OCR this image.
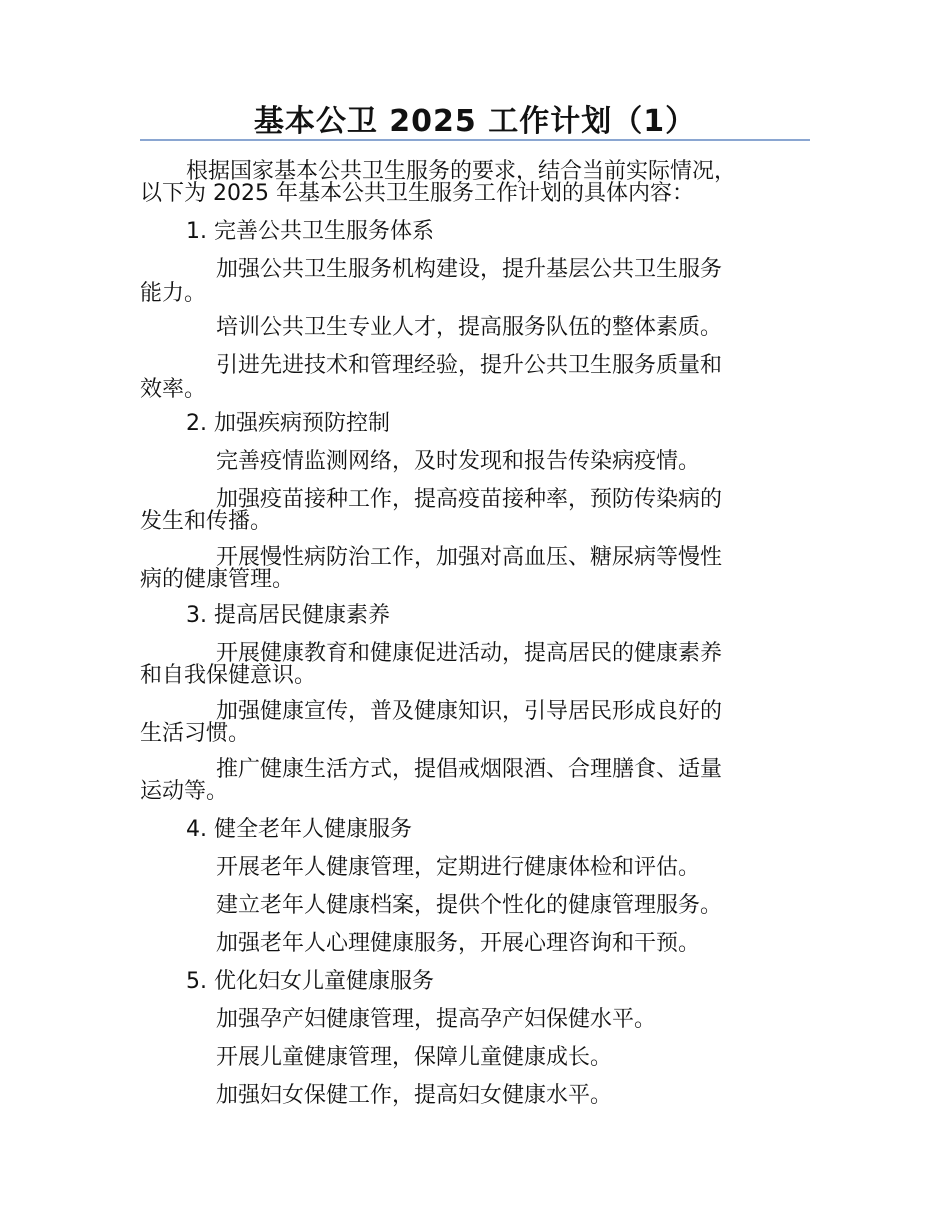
基本公卫 2025 工作计划（1）
根据国家基本公共卫生服务的要求，结合当前实际情况，
以下为 2025 年基本公共卫生服务工作计划的具体内容：
1. 完善公共卫生服务体系
加强公共卫生服务机构建设，提升基层公共卫生服务
能力。
培训公共卫生专业人才，提高服务队伍的整体素质。
引进先进技术和管理经验，提升公共卫生服务质量和
效率。
2. 加强疾病预防控制
完善疫情监测网络，及时发现和报告传染病疫情。
加强疫苗接种工作，提高疫苗接种率，预防传染病的
发生和传播。
开展慢性病防治工作，加强对高血压、糖尿病等慢性
病的健康管理。
3. 提高居民健康素养
开展健康教育和健康促进活动，提高居民的健康素养
和自我保健意识。
加强健康宣传，普及健康知识，引导居民形成良好的
生活习惯。
推广健康生活方式，提倡戒烟限酒、合理膳食、适量
运动等。
4. 健全老年人健康服务
开展老年人健康管理，定期进行健康体检和评估。
建立老年人健康档案，提供个性化的健康管理服务。
加强老年人心理健康服务，开展心理咨询和干预。
5. 优化妇女儿童健康服务
加强孕产妇健康管理，提高孕产妇保健水平。
开展儿童健康管理，保障儿童健康成长。
加强妇女保健工作，提高妇女健康水平。
